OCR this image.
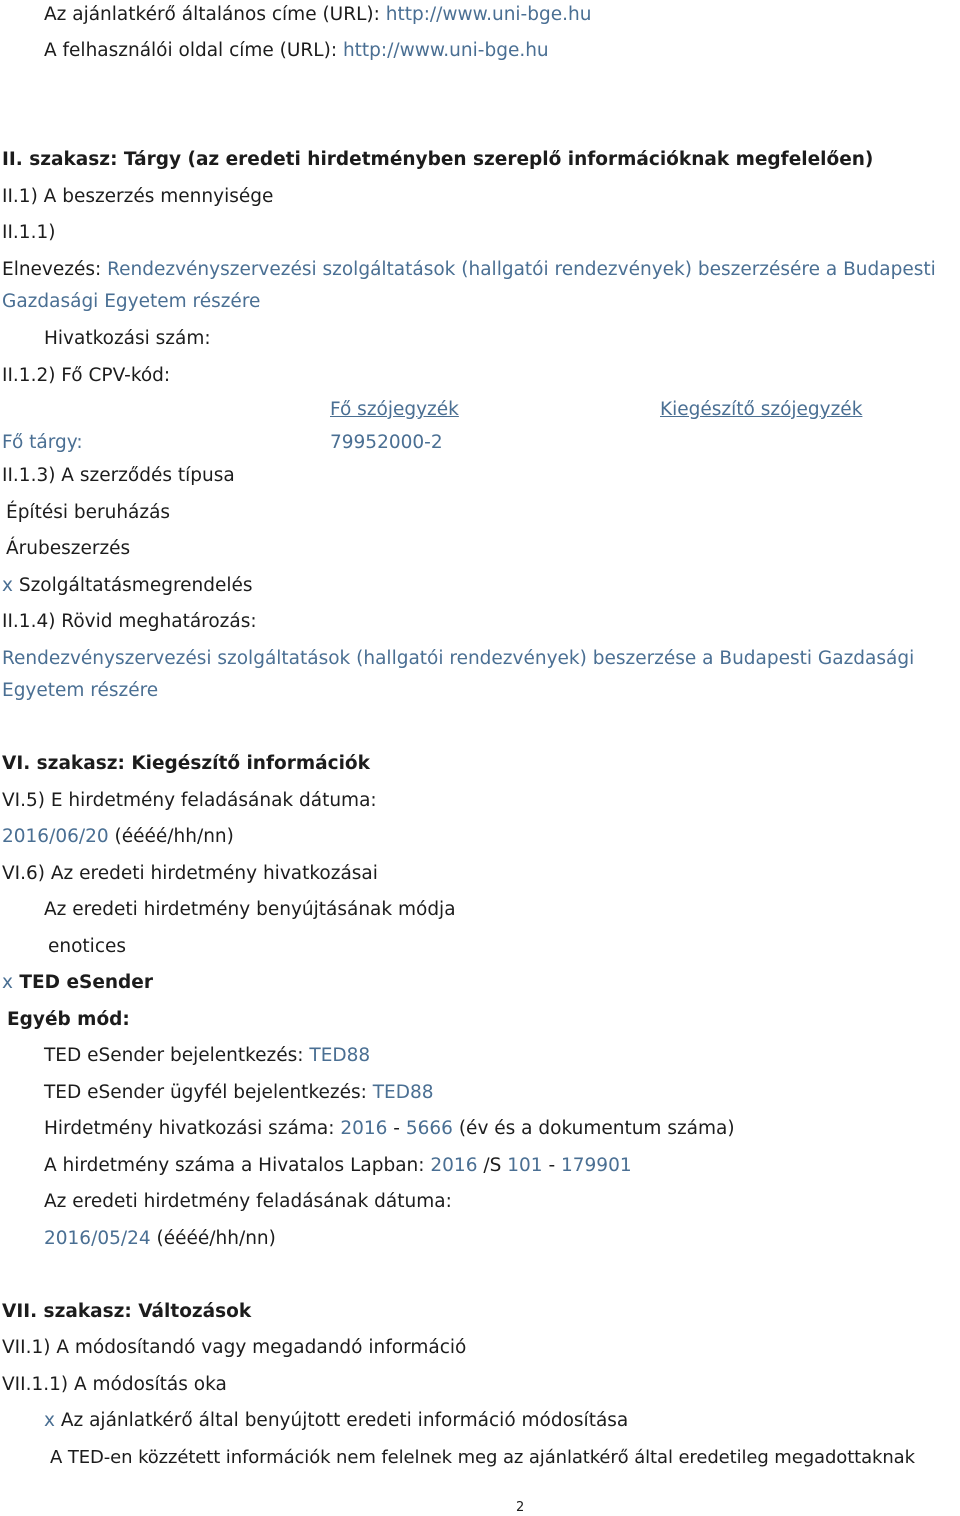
Az ajánlatkérő általános címe (URL): http://www.uni-bge.hu
A felhasználói oldal címe (URL): http://www.uni-bge.hu
II. szakasz: Tárgy (az eredeti hirdetményben szereplő információknak megfelelően)
II.1) A beszerzés mennyisége
II.1.1)
Elnevezés: Rendezvényszervezési szolgáltatások (hallgatói rendezvények) beszerzésére a Budapesti
Gazdasági Egyetem részére
Hivatkozási szám:
II.1.2) Fő CPV-kód:
Fő szójegyzék	Kiegészítő szójegyzék
Fő tárgy:	79952000-2
II.1.3) A szerződés típusa
Építési beruházás
Árubeszerzés
x Szolgáltatásmegrendelés
II.1.4) Rövid meghatározás:
Rendezvényszervezési szolgáltatások (hallgatói rendezvények) beszerzése a Budapesti Gazdasági
Egyetem részére
VI. szakasz: Kiegészítő információk
VI.5) E hirdetmény feladásának dátuma:
2016/06/20 (éééé/hh/nn)
VI.6) Az eredeti hirdetmény hivatkozásai
Az eredeti hirdetmény benyújtásának módja
enotices
x TED eSender
Egyéb mód:
TED eSender bejelentkezés: TED88
TED eSender ügyfél bejelentkezés: TED88
Hirdetmény hivatkozási száma: 2016 - 5666 (év és a dokumentum száma)
A hirdetmény száma a Hivatalos Lapban: 2016 /S 101 - 179901
Az eredeti hirdetmény feladásának dátuma:
2016/05/24 (éééé/hh/nn)
VII. szakasz: Változások
VII.1) A módosítandó vagy megadandó információ
VII.1.1) A módosítás oka
x Az ajánlatkérő által benyújtott eredeti információ módosítása
A TED-en közzétett információk nem felelnek meg az ajánlatkérő által eredetileg megadottaknak
2
